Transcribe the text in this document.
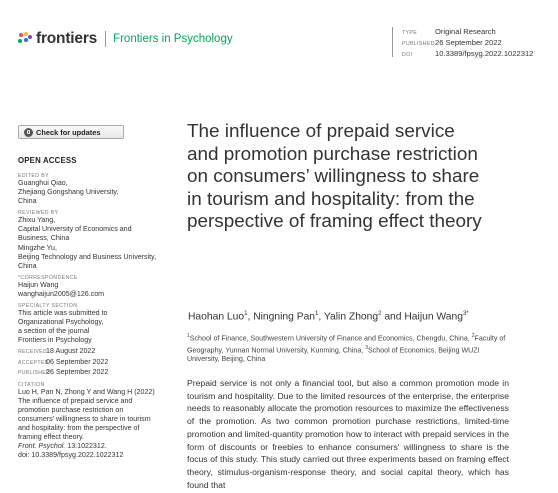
frontiers Frontiers in Psychology	TYPE Original Research
PUBLISHED26 September 2022
DOI	10.3389/fpsyg.2022.1022312
Check for updates
OPEN ACCESS
EDITED BY
Guanghui Qiao,
Zhejiang Gongshang University,
China
REVIEWED BY
Zhixu Yang,
Capital University of Economics and
Business, China
Mingzhe Yu,
Beijing Technology and Business University,
China
*CORRESPONDENCE
Haijun Wang
wanghaijun2005@126.com
SPECIALTY SECTION
This article was submitted to
Organizational Psychology,
a section of the journal
Frontiers in Psychology
RECEIVED18 August 2022
ACCEPTED06 September 2022
PUBLISHED26 September 2022
CITATION
Luo H, Pan N, Zhong Y and Wang H (2022)
The influence of prepaid service and
promotion purchase restriction on
consumers' willingness to share in tourism
and hospitality: from the perspective of
framing effect theory.
Front. Psychol. 13:1022312.
doi: 10.3389/fpsyg.2022.1022312
The influence of prepaid service and promotion purchase restriction on consumers’ willingness to share in tourism and hospitality: from the perspective of framing effect theory
Haohan Luo$^1$, Ningning Pan$^1$, Yalin Zhong$^2$ and Haijun Wang$^{3*}$
$^1$School of Finance, Southwestern University of Finance and Economics, Chengdu, China, $^2$Faculty of Geography, Yunnan Normal University, Kunming, China, $^3$School of Economics, Beijing WUZI University, Beijing, China
Prepaid service is not only a financial tool, but also a common promotion mode in tourism and hospitality. Due to the limited resources of the enterprise, the enterprise needs to reasonably allocate the promotion resources to maximize the effectiveness of the promotion. As two common promotion purchase restrictions, limited-time promotion and limited-quantity promotion how to interact with prepaid services in the form of discounts or freebies to enhance consumers' willingness to share is the focus of this study. This study carried out three experiments based on framing effect theory, stimulus-organism-response theory, and social capital theory, which has found that
